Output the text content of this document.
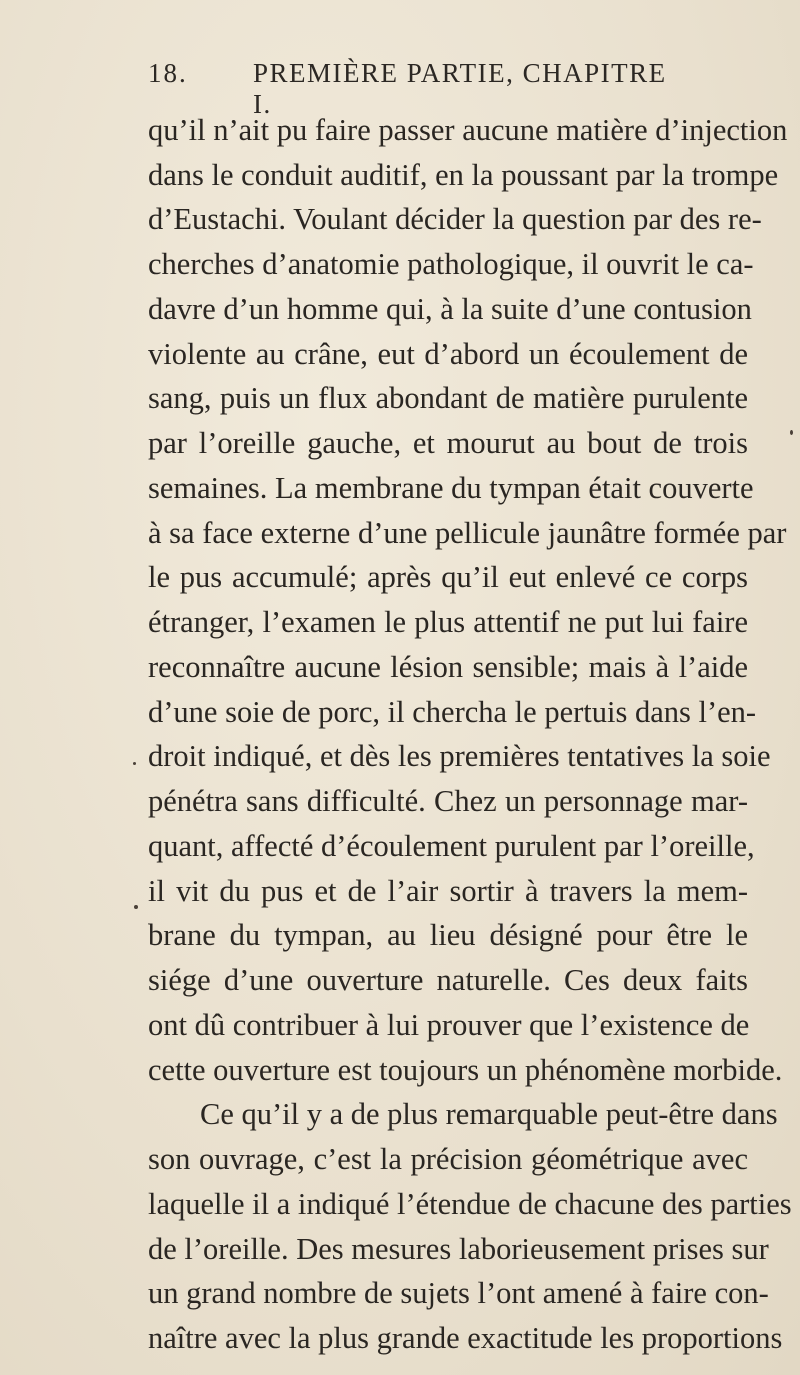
18. PREMIÈRE PARTIE, CHAPITRE I.
qu’il n’ait pu faire passer aucune matière d’injection
dans le conduit auditif, en la poussant par la trompe
d’Eustachi. Voulant décider la question par des re-
cherches d’anatomie pathologique, il ouvrit le ca-
davre d’un homme qui, à la suite d’une contusion
violente au crâne, eut d’abord un écoulement de
sang, puis un flux abondant de matière purulente
par l’oreille gauche, et mourut au bout de trois
semaines. La membrane du tympan était couverte
à sa face externe d’une pellicule jaunâtre formée par
le pus accumulé; après qu’il eut enlevé ce corps
étranger, l’examen le plus attentif ne put lui faire
reconnaître aucune lésion sensible; mais à l’aide
d’une soie de porc, il chercha le pertuis dans l’en-
droit indiqué, et dès les premières tentatives la soie
pénétra sans difficulté. Chez un personnage mar-
quant, affecté d’écoulement purulent par l’oreille,
il vit du pus et de l’air sortir à travers la mem-
brane du tympan, au lieu désigné pour être le
siége d’une ouverture naturelle. Ces deux faits
ont dû contribuer à lui prouver que l’existence de
cette ouverture est toujours un phénomène morbide.
Ce qu’il y a de plus remarquable peut-être dans
son ouvrage, c’est la précision géométrique avec
laquelle il a indiqué l’étendue de chacune des parties
de l’oreille. Des mesures laborieusement prises sur
un grand nombre de sujets l’ont amené à faire con-
naître avec la plus grande exactitude les proportions
